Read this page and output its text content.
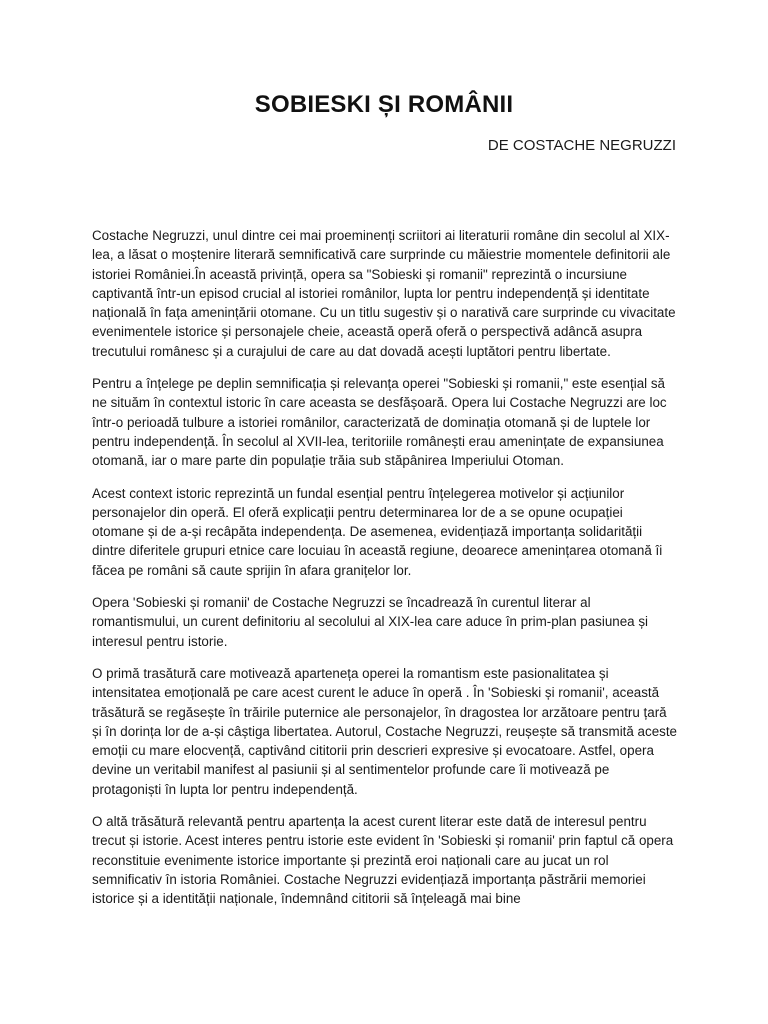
SOBIESKI ȘI ROMÂNII

DE COSTACHE NEGRUZZI

Costache Negruzzi, unul dintre cei mai proeminenți scriitori ai literaturii române din secolul al XIX-lea, a lăsat o moștenire literară semnificativă care surprinde cu măiestrie momentele definitorii ale istoriei României.În această privință, opera sa "Sobieski și romanii" reprezintă o incursiune captivantă într-un episod crucial al istoriei românilor, lupta lor pentru independență și identitate națională în fața amenințării otomane. Cu un titlu sugestiv și o narativă care surprinde cu vivacitate evenimentele istorice și personajele cheie, această operă oferă o perspectivă adâncă asupra trecutului românesc și a curajului de care au dat dovadă acești luptători pentru libertate.

Pentru a înțelege pe deplin semnificația și relevanța operei "Sobieski și romanii," este esențial să ne situăm în contextul istoric în care aceasta se desfășoară. Opera lui Costache Negruzzi are loc într-o perioadă tulbure a istoriei românilor, caracterizată de dominația otomană și de luptele lor pentru independență. În secolul al XVII-lea, teritoriile românești erau amenințate de expansiunea otomană, iar o mare parte din populație trăia sub stăpânirea Imperiului Otoman.

Acest context istoric reprezintă un fundal esențial pentru înțelegerea motivelor și acțiunilor personajelor din operă. El oferă explicații pentru determinarea lor de a se opune ocupației otomane și de a-și recâpăta independența. De asemenea, evidențiază importanța solidarității dintre diferitele grupuri etnice care locuiau în această regiune, deoarece amenințarea otomană îi făcea pe români să caute sprijin în afara granițelor lor.

Opera 'Sobieski și romanii' de Costache Negruzzi se încadrează în curentul literar al romantismului, un curent definitoriu al secolului al XIX-lea care aduce în prim-plan pasiunea și interesul pentru istorie.

O primă trasătură care motivează aparteneța operei la romantism este pasionalitatea și intensitatea emoțională pe care acest curent le aduce în operă . În 'Sobieski și romanii', această trăsătură se regăsește în trăirile puternice ale personajelor, în dragostea lor arzătoare pentru țară și în dorința lor de a-și câștiga libertatea. Autorul, Costache Negruzzi, reușește să transmită aceste emoții cu mare elocvență, captivând cititorii prin descrieri expresive și evocatoare. Astfel, opera devine un veritabil manifest al pasiunii și al sentimentelor profunde care îi motivează pe protagoniști în lupta lor pentru independență.

O altă trăsătură relevantă pentru apartența la acest curent literar este dată de interesul pentru trecut și istorie. Acest interes pentru istorie este evident în 'Sobieski și romanii' prin faptul că opera reconstituie evenimente istorice importante și prezintă eroi naționali care au jucat un rol semnificativ în istoria României. Costache Negruzzi evidențiază importanța păstrării memoriei istorice și a identității naționale, îndemnând cititorii să înțeleagă mai bine
